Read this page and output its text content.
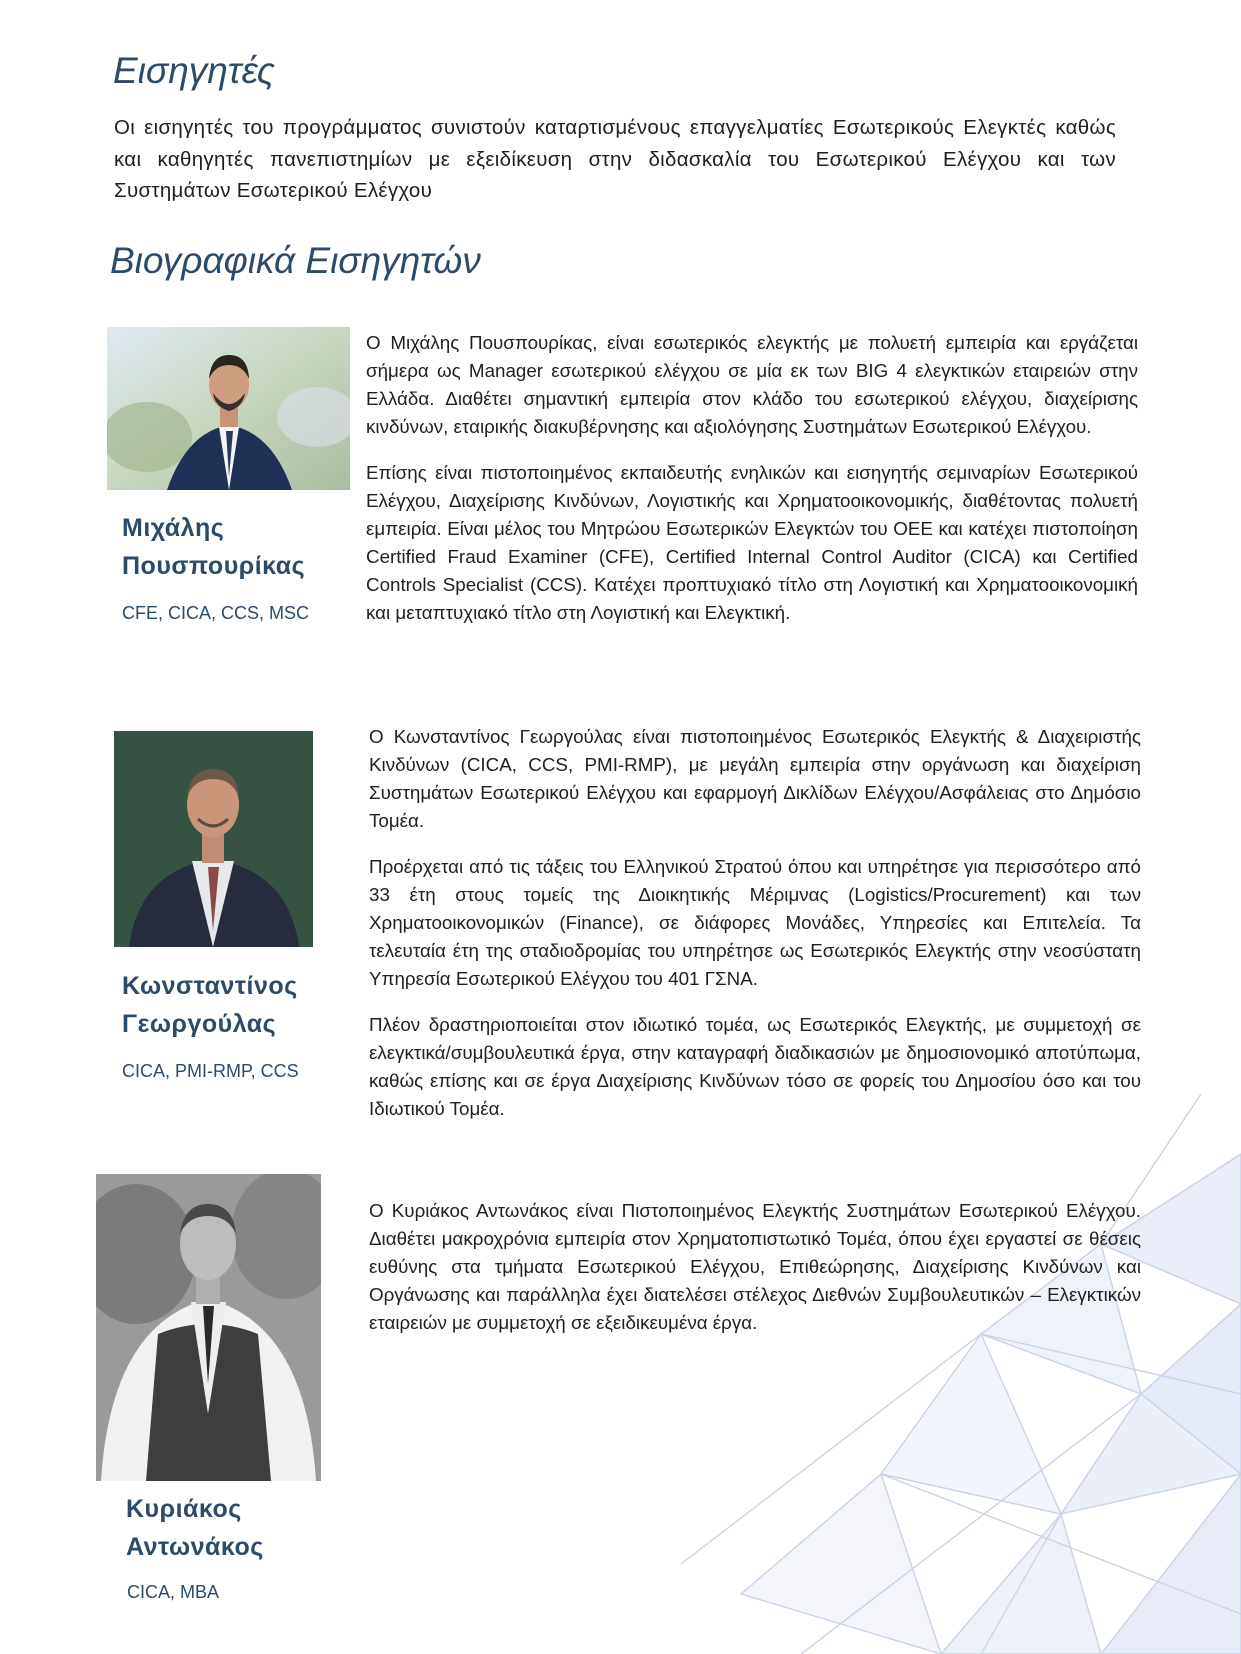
Εισηγητές

Οι εισηγητές του προγράμματος συνιστούν καταρτισμένους επαγγελματίες Εσωτερικούς Ελεγκτές καθώς και καθηγητές πανεπιστημίων με εξειδίκευση στην διδασκαλία του Εσωτερικού Ελέγχου και των Συστημάτων Εσωτερικού Ελέγχου

Βιογραφικά Εισηγητών
Μιχάλης
Πουσπουρίκας

CFE, CICA, CCS, MSC

Ο Μιχάλης Πουσπουρίκας, είναι εσωτερικός ελεγκτής με πολυετή εμπειρία και εργάζεται σήμερα ως Manager εσωτερικού ελέγχου σε μία εκ των BIG 4 ελεγκτικών εταιρειών στην Ελλάδα. Διαθέτει σημαντική εμπειρία στον κλάδο του εσωτερικού ελέγχου, διαχείρισης κινδύνων, εταιρικής διακυβέρνησης και αξιολόγησης Συστημάτων Εσωτερικού Ελέγχου.

Επίσης είναι πιστοποιημένος εκπαιδευτής ενηλικών και εισηγητής σεμιναρίων Εσωτερικού Ελέγχου, Διαχείρισης Κινδύνων, Λογιστικής και Χρηματοοικονομικής, διαθέτοντας πολυετή εμπειρία. Είναι μέλος του Μητρώου Εσωτερικών Ελεγκτών του ΟΕΕ και κατέχει πιστοποίηση Certified Fraud Examiner (CFE), Certified Internal Control Auditor (CICA) και Certified Controls Specialist (CCS). Κατέχει προπτυχιακό τίτλο στη Λογιστική και Χρηματοοικονομική και μεταπτυχιακό τίτλο στη Λογιστική και Ελεγκτική.

Κωνσταντίνος
Γεωργούλας

CICA, PMI-RMP, CCS

Ο Κωνσταντίνος Γεωργούλας είναι πιστοποιημένος Εσωτερικός Ελεγκτής & Διαχειριστής Κινδύνων (CICA, CCS, PMI-RMP), με μεγάλη εμπειρία στην οργάνωση και διαχείριση Συστημάτων Εσωτερικού Ελέγχου και εφαρμογή Δικλίδων Ελέγχου/Ασφάλειας στο Δημόσιο Τομέα.

Προέρχεται από τις τάξεις του Ελληνικού Στρατού όπου και υπηρέτησε για περισσότερο από 33 έτη στους τομείς της Διοικητικής Μέριμνας (Logistics/Procurement) και των Χρηματοοικονομικών (Finance), σε διάφορες Μονάδες, Υπηρεσίες και Επιτελεία. Τα τελευταία έτη της σταδιοδρομίας του υπηρέτησε ως Εσωτερικός Ελεγκτής στην νεοσύστατη Υπηρεσία Εσωτερικού Ελέγχου του 401 ΓΣΝΑ.

Πλέον δραστηριοποιείται στον ιδιωτικό τομέα, ως Εσωτερικός Ελεγκτής, με συμμετοχή σε ελεγκτικά/συμβουλευτικά έργα, στην καταγραφή διαδικασιών με δημοσιονομικό αποτύπωμα, καθώς επίσης και σε έργα Διαχείρισης Κινδύνων τόσο σε φορείς του Δημοσίου όσο και του Ιδιωτικού Τομέα.

Κυριάκος
Αντωνάκος

CICA, MBA

Ο Κυριάκος Αντωνάκος είναι Πιστοποιημένος Ελεγκτής Συστημάτων Εσωτερικού Ελέγχου. Διαθέτει μακροχρόνια εμπειρία στον Χρηματοπιστωτικό Τομέα, όπου έχει εργαστεί σε θέσεις ευθύνης στα τμήματα Εσωτερικού Ελέγχου, Επιθεώρησης, Διαχείρισης Κινδύνων και Οργάνωσης και παράλληλα έχει διατελέσει στέλεχος Διεθνών Συμβουλευτικών – Ελεγκτικών εταιρειών με συμμετοχή σε εξειδικευμένα έργα.
